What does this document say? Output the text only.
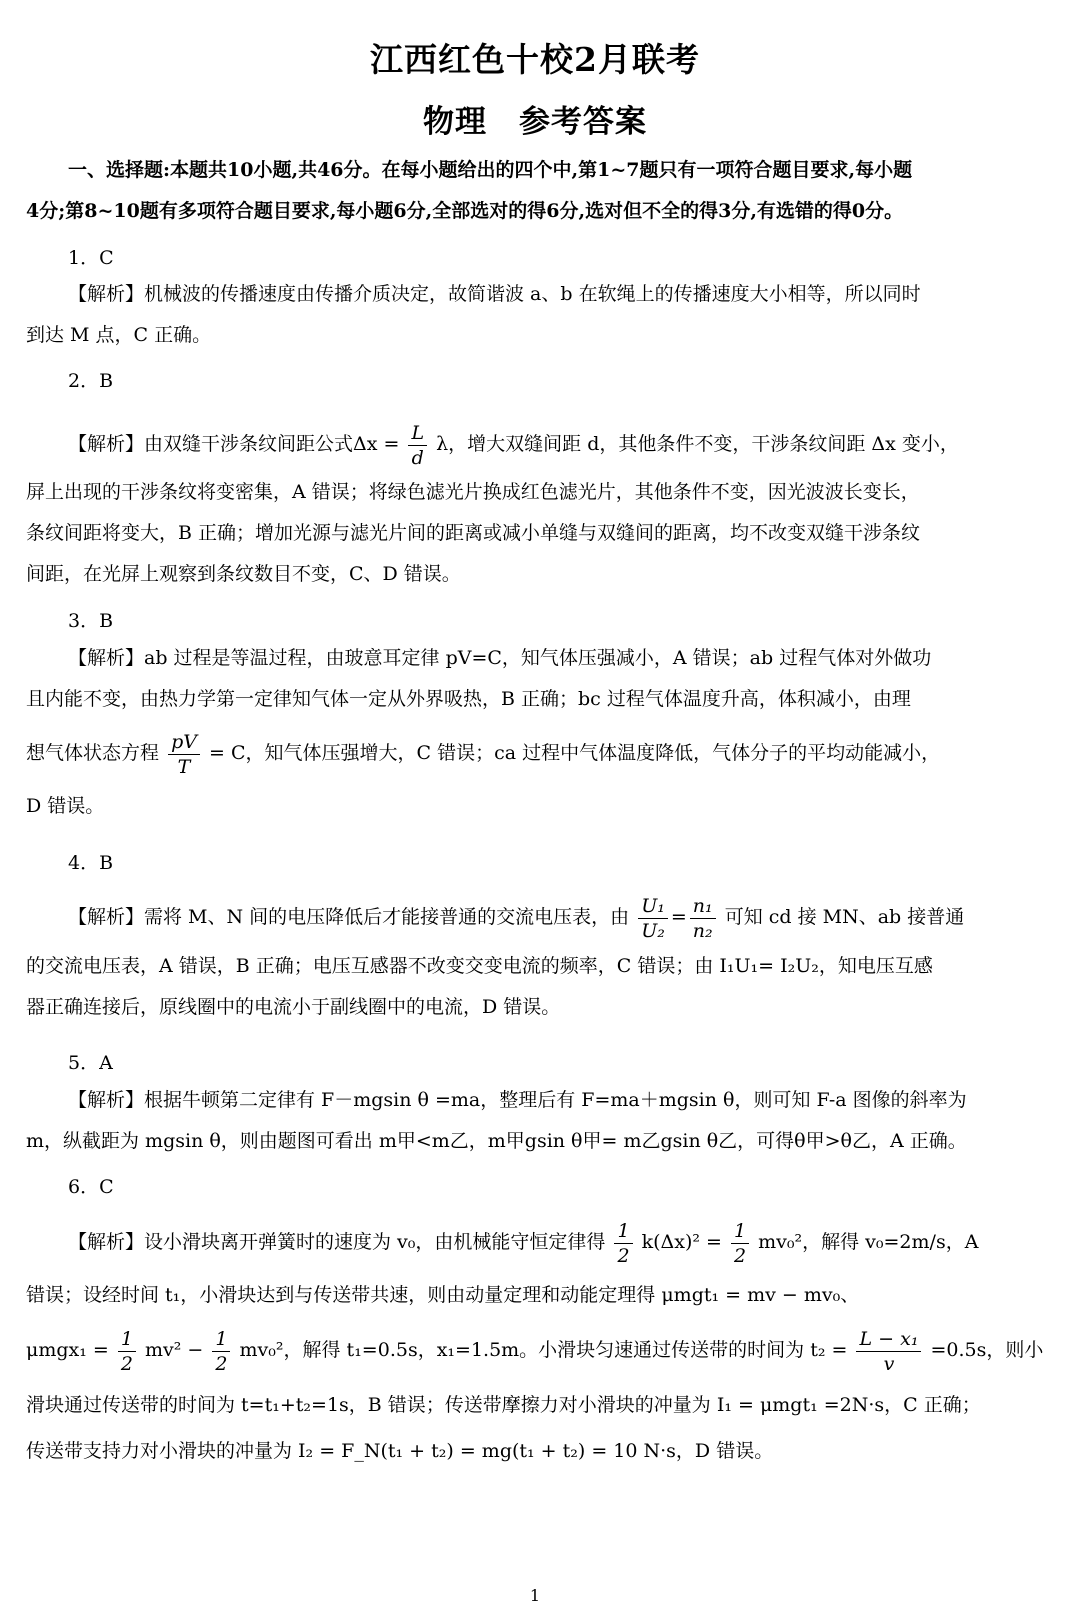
江西红色十校2月联考
物理　参考答案
一、选择题:本题共10小题,共46分。在每小题给出的四个中,第1~7题只有一项符合题目要求,每小题
4分;第8~10题有多项符合题目要求,每小题6分,全部选对的得6分,选对但不全的得3分,有选错的得0分。
1．C
【解析】机械波的传播速度由传播介质决定，故简谐波 a、b 在软绳上的传播速度大小相等，所以同时
到达 M 点，C 正确。
2．B
【解析】由双缝干涉条纹间距公式$\Delta x = \frac{L}{d}$ λ，增大双缝间距 d，其他条件不变，干涉条纹间距 Δx 变小，
屏上出现的干涉条纹将变密集，A 错误；将绿色滤光片换成红色滤光片，其他条件不变，因光波波长变长，
条纹间距将变大，B 正确；增加光源与滤光片间的距离或减小单缝与双缝间的距离，均不改变双缝干涉条纹
间距，在光屏上观察到条纹数目不变，C、D 错误。
3．B
【解析】ab 过程是等温过程，由玻意耳定律 pV=C，知气体压强减小，A 错误；ab 过程气体对外做功
且内能不变，由热力学第一定律知气体一定从外界吸热，B 正确；bc 过程气体温度升高，体积减小，由理
想气体状态方程 $\frac{pV}{T} = C$，知气体压强增大，C 错误；ca 过程中气体温度降低，气体分子的平均动能减小，
D 错误。
4．B
【解析】需将 M、N 间的电压降低后才能接普通的交流电压表，由 $\frac{\text{U₁}}{\text{U₂}} = \frac{\text{n₁}}{\text{n₂}}$ 可知 cd 接 MN、ab 接普通
的交流电压表，A 错误，B 正确；电压互感器不改变交变电流的频率，C 错误；由 I₁U₁= I₂U₂，知电压互感
器正确连接后，原线圈中的电流小于副线圈中的电流，D 错误。
5．A
【解析】根据牛顿第二定律有 F－mgsin θ =ma，整理后有 F=ma＋mgsin θ，则可知 F-a 图像的斜率为
m，纵截距为 mgsin θ，则由题图可看出 m甲<m乙，m甲gsin θ甲= m乙gsin θ乙，可得θ甲>θ乙，A 正确。
6．C
【解析】设小滑块离开弹簧时的速度为 v₀，由机械能守恒定律得 $\frac{1}{2} k(\Delta x)^2 = \frac{1}{2} mv_0^2$，解得 v₀=2m/s，A
错误；设经时间 t₁，小滑块达到与传送带共速，则由动量定理和动能定理得 μmgt₁ = mv − mv₀、
$\mu mgx_1 = \frac{1}{2} mv^2 - \frac{1}{2} mv_0^2$，解得 t₁=0.5s，x₁=1.5m。小滑块匀速通过传送带的时间为 $t_2 = \frac{\text{L − x₁}}{v} =0.5s$，则小
滑块通过传送带的时间为 t=t₁+t₂=1s，B 错误；传送带摩擦力对小滑块的冲量为 I₁ = μmgt₁ =2N·s，C 正确；
传送带支持力对小滑块的冲量为 I₂ = F_N(t₁ + t₂) = mg(t₁ + t₂) = 10 N·s，D 错误。
1
